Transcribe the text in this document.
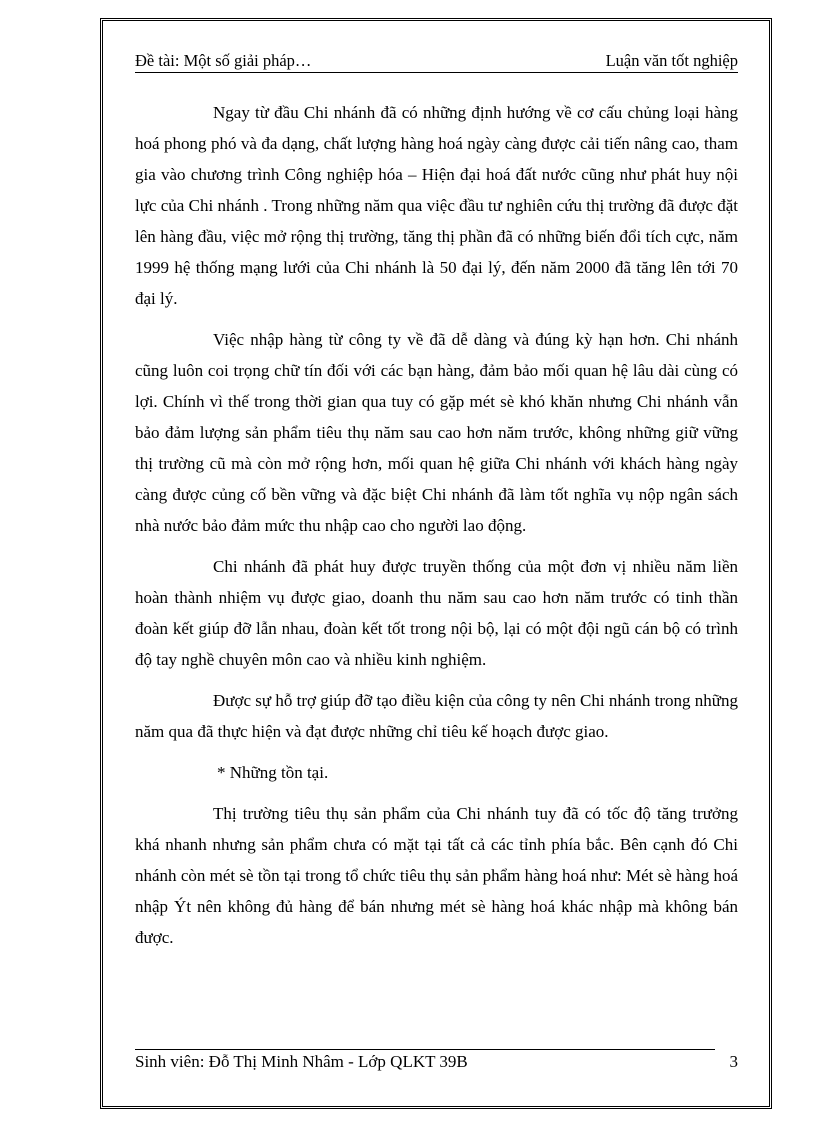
Đề tài: Một số giải pháp…	Luận văn tốt nghiệp

Ngay từ đầu Chi nhánh đã có những định hướng về cơ cấu chủng loại hàng hoá phong phó và đa dạng, chất lượng hàng hoá ngày càng được cải tiến nâng cao, tham gia vào chương trình Công nghiệp hóa – Hiện đại hoá đất nước cũng như phát huy nội lực của Chi nhánh . Trong những năm qua việc đầu tư nghiên cứu thị trường đã được đặt lên hàng đầu, việc mở rộng thị trường, tăng thị phần đã có những biến đổi tích cực, năm 1999 hệ thống mạng lưới của Chi nhánh là 50 đại lý, đến năm 2000 đã tăng lên tới 70 đại lý.

Việc nhập hàng từ công ty về đã dễ dàng và đúng kỳ hạn hơn. Chi nhánh cũng luôn coi trọng chữ tín đối với các bạn hàng, đảm bảo mối quan hệ lâu dài cùng có lợi. Chính vì thế trong thời gian qua tuy có gặp mét sè khó khăn nhưng Chi nhánh vẫn bảo đảm lượng sản phẩm tiêu thụ năm sau cao hơn năm trước, không những giữ vững thị trường cũ mà còn mở rộng hơn, mối quan hệ giữa Chi nhánh với khách hàng ngày càng được củng cố bền vững và đặc biệt Chi nhánh đã làm tốt nghĩa vụ nộp ngân sách nhà nước bảo đảm mức thu nhập cao cho người lao động.

Chi nhánh đã phát huy được truyền thống của một đơn vị nhiều năm liền hoàn thành nhiệm vụ được giao, doanh thu năm sau cao hơn năm trước có tinh thần đoàn kết giúp đỡ lẫn nhau, đoàn kết tốt trong nội bộ, lại có một đội ngũ cán bộ có trình độ tay nghề chuyên môn cao và nhiều kinh nghiệm.

Được sự hỗ trợ giúp đỡ tạo điều kiện của công ty nên Chi nhánh trong những năm qua đã thực hiện và đạt được những chỉ tiêu kế hoạch được giao.

* Những tồn tại.

Thị trường tiêu thụ sản phẩm của Chi nhánh tuy đã có tốc độ tăng trưởng khá nhanh nhưng sản phẩm chưa có mặt tại tất cả các tỉnh phía bắc. Bên cạnh đó Chi nhánh còn mét sè tồn tại trong tổ chức tiêu thụ sản phẩm hàng hoá như: Mét sè hàng hoá nhập Ýt nên không đủ hàng để bán nhưng mét sè hàng hoá khác nhập mà không bán được.

Sinh viên: Đỗ Thị Minh Nhâm - Lớp QLKT 39B	3
